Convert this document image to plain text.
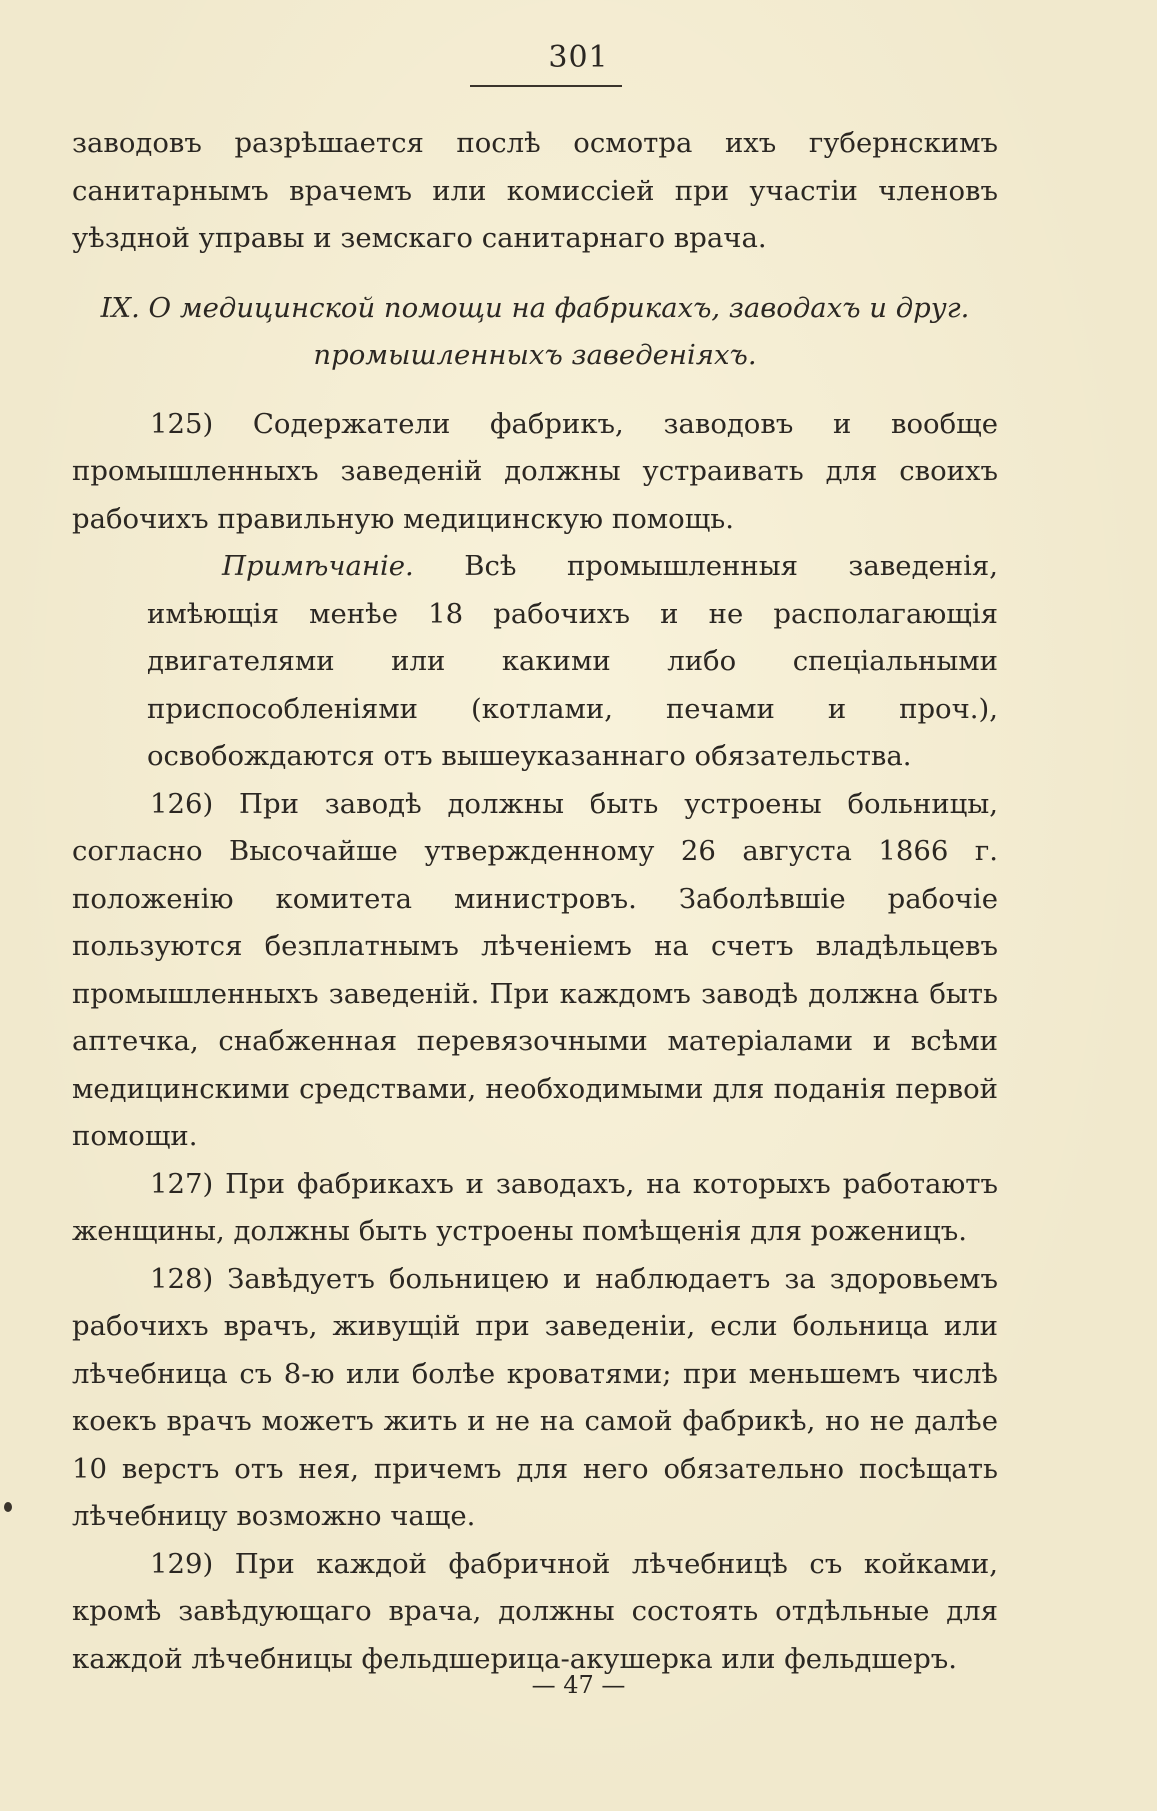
301

заводовъ разрѣшается послѣ осмотра ихъ губернскимъ санитарнымъ врачемъ или комиссiей при участiи членовъ уѣздной управы и земскаго санитарнаго врача.

IX. О медицинской помощи на фабрикахъ, заводахъ и друг. промышленныхъ заведенiяхъ.

125) Содержатели фабрикъ, заводовъ и вообще промышленныхъ заведенiй должны устраивать для своихъ рабочихъ правильную медицинскую помощь.

Примѣчанiе. Всѣ промышленныя заведенiя, имѣющiя менѣе 18 рабочихъ и не располагающiя двигателями или какими либо спецiальными приспособленiями (котлами, печами и проч.), освобождаются отъ вышеуказаннаго обязательства.

126) При заводѣ должны быть устроены больницы, согласно Высочайше утвержденному 26 августа 1866 г. положенiю комитета министровъ. Заболѣвшiе рабочiе пользуются безплатнымъ лѣченiемъ на счетъ владѣльцевъ промышленныхъ заведенiй. При каждомъ заводѣ должна быть аптечка, снабженная перевязочными матерiалами и всѣми медицинскими средствами, необходимыми для поданiя первой помощи.

127) При фабрикахъ и заводахъ, на которыхъ работаютъ женщины, должны быть устроены помѣщенiя для роженицъ.

128) Завѣдуетъ больницею и наблюдаетъ за здоровьемъ рабочихъ врачъ, живущiй при заведенiи, если больница или лѣчебница съ 8-ю или болѣе кроватями; при меньшемъ числѣ коекъ врачъ можетъ жить и не на самой фабрикѣ, но не далѣе 10 верстъ отъ нея, причемъ для него обязательно посѣщать лѣчебницу возможно чаще.

129) При каждой фабричной лѣчебницѣ съ койками, кромѣ завѣдующаго врача, должны состоять отдѣльные для каждой лѣчебницы фельдшерица-акушерка или фельдшеръ.

— 47 —
